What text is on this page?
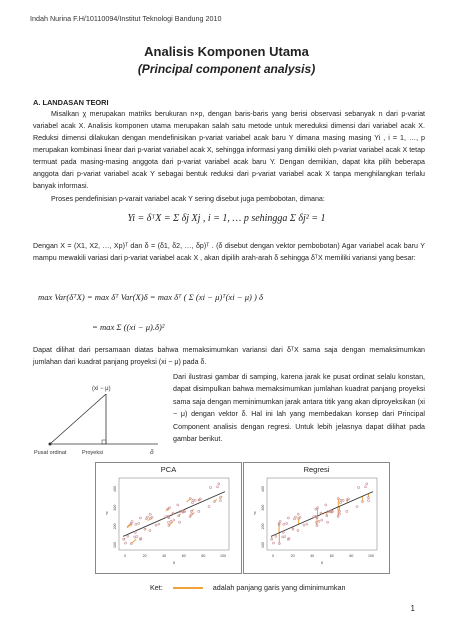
Indah Nurina F.H/10110094/Institut Teknologi Bandung 2010
Analisis Komponen Utama
(Principal component analysis)
A. LANDASAN TEORI
Misalkan χ merupakan matriks berukuran n×p, dengan baris-baris yang berisi observasi sebanyak n dari p-variat variabel acak X. Analisis komponen utama merupakan salah satu metode untuk mereduksi dimensi dari variabel acak X. Reduksi dimensi dilakukan dengan mendefinisikan p-variat variabel acak baru Y dimana masing masing Yi , i = 1, …, p merupakan kombinasi linear dari p-variat variabel acak X, sehingga informasi yang dimiliki oleh p-variat variabel acak X tetap termuat pada masing-masing anggota dari p-variat variabel acak baru Y. Dengan demikian, dapat kita pilih beberapa anggota dari p-variat variabel acak Y sebagai bentuk reduksi dari p-variat variabel acak X tanpa menghilangkan terlalu banyak informasi.
Proses pendefinisian p-varait variabel acak Y sering disebut juga pembobotan, dimana:
Yi = δᵀX = Σ δj Xj , i = 1, … p sehingga Σ δj² = 1
Dengan X = (X1, X2, …, Xp)ᵀ dan δ = (δ1, δ2, …, δp)ᵀ . (δ disebut dengan vektor pembobotan) Agar variabel acak baru Y mampu mewakili variasi dari p-variat variabel acak X , akan dipilih arah-arah δ sehingga δᵀX memiliki variansi yang besar:
max Var(δᵀX) = max δᵀ Var(X)δ = max δᵀ ( Σ (xi − μ)ᵀ(xi − μ) ) δ
= max Σ ((xi − μ).δ)²
Dapat dilihat dari persamaan diatas bahwa memaksimumkan variansi dari δᵀX sama saja dengan memaksimumkan jumlahan dari kuadrat panjang proyeksi (xi − μ) pada δ.
(xi − μ)
Pusat ordinat	Proyeksi	δ
Dari ilustrasi gambar di samping, karena jarak ke pusat ordinat selalu konstan, dapat disimpulkan bahwa memaksimumkan jumlahan kuadrat panjang proyeksi sama saja dengan meminimumkan jarak antara titik yang akan diproyeksikan (xi − μ) dengan vektor δ. Hal ini lah yang membedakan konsep dari Principal Component analisis dengan regresi. Untuk lebih jelasnya dapat dilihat pada gambar berikut.
PCA
0	20	40	60	80	100
100
200
300
400
x
y
Regresi
0	20	40	60	80	100
100
200
300
400
x
y
Ket:	adalah panjang garis yang diminimumkan
1
